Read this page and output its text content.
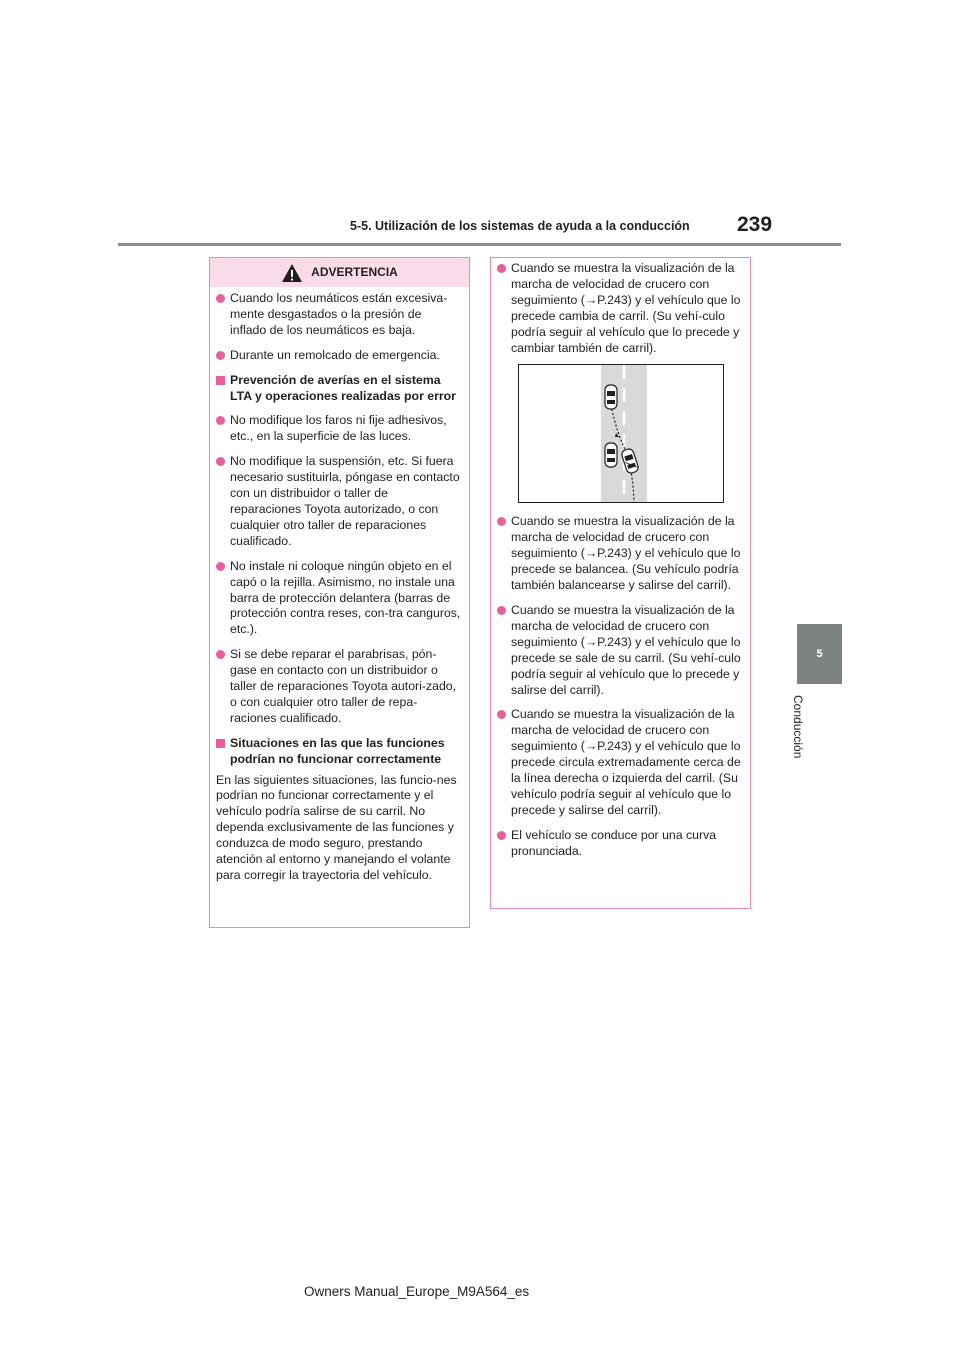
5-5. Utilización de los sistemas de ayuda a la conducción 239
5
Conducción
ADVERTENCIA
Cuando los neumáticos están excesiva-mente desgastados o la presión de inflado de los neumáticos es baja.
Durante un remolcado de emergencia.
Prevención de averías en el sistema LTA y operaciones realizadas por error
No modifique los faros ni fije adhesivos, etc., en la superficie de las luces.
No modifique la suspensión, etc. Si fuera necesario sustituirla, póngase en contacto con un distribuidor o taller de reparaciones Toyota autorizado, o con cualquier otro taller de reparaciones cualificado.
No instale ni coloque ningún objeto en el capó o la rejilla. Asimismo, no instale una barra de protección delantera (barras de protección contra reses, con-tra canguros, etc.).
Si se debe reparar el parabrisas, pón-gase en contacto con un distribuidor o taller de reparaciones Toyota autori-zado, o con cualquier otro taller de repa-raciones cualificado.
Situaciones en las que las funciones podrían no funcionar correctamente
En las siguientes situaciones, las funcio-nes podrían no funcionar correctamente y el vehículo podría salirse de su carril. No dependa exclusivamente de las funciones y conduzca de modo seguro, prestando atención al entorno y manejando el volante para corregir la trayectoria del vehículo.
Cuando se muestra la visualización de la marcha de velocidad de crucero con seguimiento (→P.243) y el vehículo que lo precede cambia de carril. (Su vehí-culo podría seguir al vehículo que lo precede y cambiar también de carril).
Cuando se muestra la visualización de la marcha de velocidad de crucero con seguimiento (→P.243) y el vehículo que lo precede se balancea. (Su vehículo podría también balancearse y salirse del carril).
Cuando se muestra la visualización de la marcha de velocidad de crucero con seguimiento (→P.243) y el vehículo que lo precede se sale de su carril. (Su vehí-culo podría seguir al vehículo que lo precede y salirse del carril).
Cuando se muestra la visualización de la marcha de velocidad de crucero con seguimiento (→P.243) y el vehículo que lo precede circula extremadamente cerca de la línea derecha o izquierda del carril. (Su vehículo podría seguir al vehículo que lo precede y salirse del carril).
El vehículo se conduce por una curva pronunciada.
Owners Manual_Europe_M9A564_es
